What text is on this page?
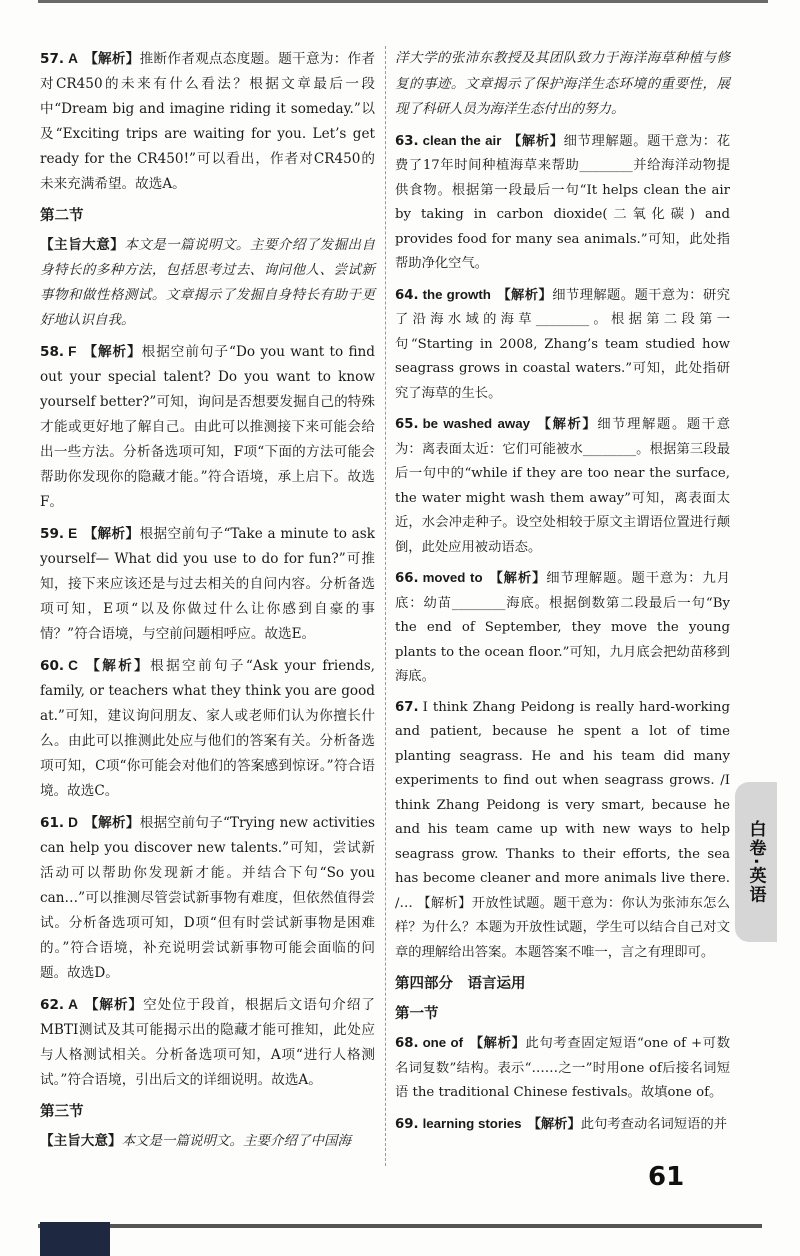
57. A 【解析】推断作者观点态度题。题干意为：作者对CR450的未来有什么看法？根据文章最后一段中“Dream big and imagine riding it someday.”以及“Exciting trips are waiting for you. Let’s get ready for the CR450!”可以看出，作者对CR450的未来充满希望。故选A。

第二节

【主旨大意】本文是一篇说明文。主要介绍了发掘出自身特长的多种方法，包括思考过去、询问他人、尝试新事物和做性格测试。文章揭示了发掘自身特长有助于更好地认识自我。

58. F 【解析】根据空前句子“Do you want to find out your special talent? Do you want to know yourself better?”可知，询问是否想要发掘自己的特殊才能或更好地了解自己。由此可以推测接下来可能会给出一些方法。分析备选项可知，F项“下面的方法可能会帮助你发现你的隐藏才能。”符合语境，承上启下。故选F。

59. E 【解析】根据空前句子“Take a minute to ask yourself— What did you use to do for fun?”可推知，接下来应该还是与过去相关的自问内容。分析备选项可知，E项“以及你做过什么让你感到自豪的事情？”符合语境，与空前问题相呼应。故选E。

60. C 【解析】根据空前句子“Ask your friends, family, or teachers what they think you are good at.”可知，建议询问朋友、家人或老师们认为你擅长什么。由此可以推测此处应与他们的答案有关。分析备选项可知，C项“你可能会对他们的答案感到惊讶。”符合语境。故选C。

61. D 【解析】根据空前句子“Trying new activities can help you discover new talents.”可知，尝试新活动可以帮助你发现新才能。并结合下句“So you can…”可以推测尽管尝试新事物有难度，但依然值得尝试。分析备选项可知，D项“但有时尝试新事物是困难的。”符合语境，补充说明尝试新事物可能会面临的问题。故选D。

62. A 【解析】空处位于段首，根据后文语句介绍了MBTI测试及其可能揭示出的隐藏才能可推知，此处应与人格测试相关。分析备选项可知，A项“进行人格测试。”符合语境，引出后文的详细说明。故选A。

第三节

【主旨大意】本文是一篇说明文。主要介绍了中国海

洋大学的张沛东教授及其团队致力于海洋海草种植与修复的事迹。文章揭示了保护海洋生态环境的重要性，展现了科研人员为海洋生态付出的努力。

63. clean the air 【解析】细节理解题。题干意为：花费了17年时间种植海草来帮助________并给海洋动物提供食物。根据第一段最后一句“It helps clean the air by taking in carbon dioxide(二氧化碳) and provides food for many sea animals.”可知，此处指帮助净化空气。

64. the growth 【解析】细节理解题。题干意为：研究了沿海水域的海草________。根据第二段第一句“Starting in 2008, Zhang’s team studied how seagrass grows in coastal waters.”可知，此处指研究了海草的生长。

65. be washed away 【解析】细节理解题。题干意为：离表面太近：它们可能被水________。根据第三段最后一句中的“while if they are too near the surface, the water might wash them away”可知，离表面太近，水会冲走种子。设空处相较于原文主谓语位置进行颠倒，此处应用被动语态。

66. moved to 【解析】细节理解题。题干意为：九月底：幼苗________海底。根据倒数第二段最后一句“By the end of September, they move the young plants to the ocean floor.”可知，九月底会把幼苗移到海底。

67. I think Zhang Peidong is really hard-working and patient, because he spent a lot of time planting seagrass. He and his team did many experiments to find out when seagrass grows. /I think Zhang Peidong is very smart, because he and his team came up with new ways to help seagrass grow. Thanks to their efforts, the sea has become cleaner and more animals live there. /… 【解析】开放性试题。题干意为：你认为张沛东怎么样？为什么？本题为开放性试题，学生可以结合自己对文章的理解给出答案。本题答案不唯一，言之有理即可。

第四部分　语言运用
第一节

68. one of 【解析】此句考查固定短语“one of +可数名词复数”结构。表示“……之一”时用one of后接名词短语 the traditional Chinese festivals。故填one of。

69. learning stories 【解析】此句考查动名词短语的并

白卷·英语
61
